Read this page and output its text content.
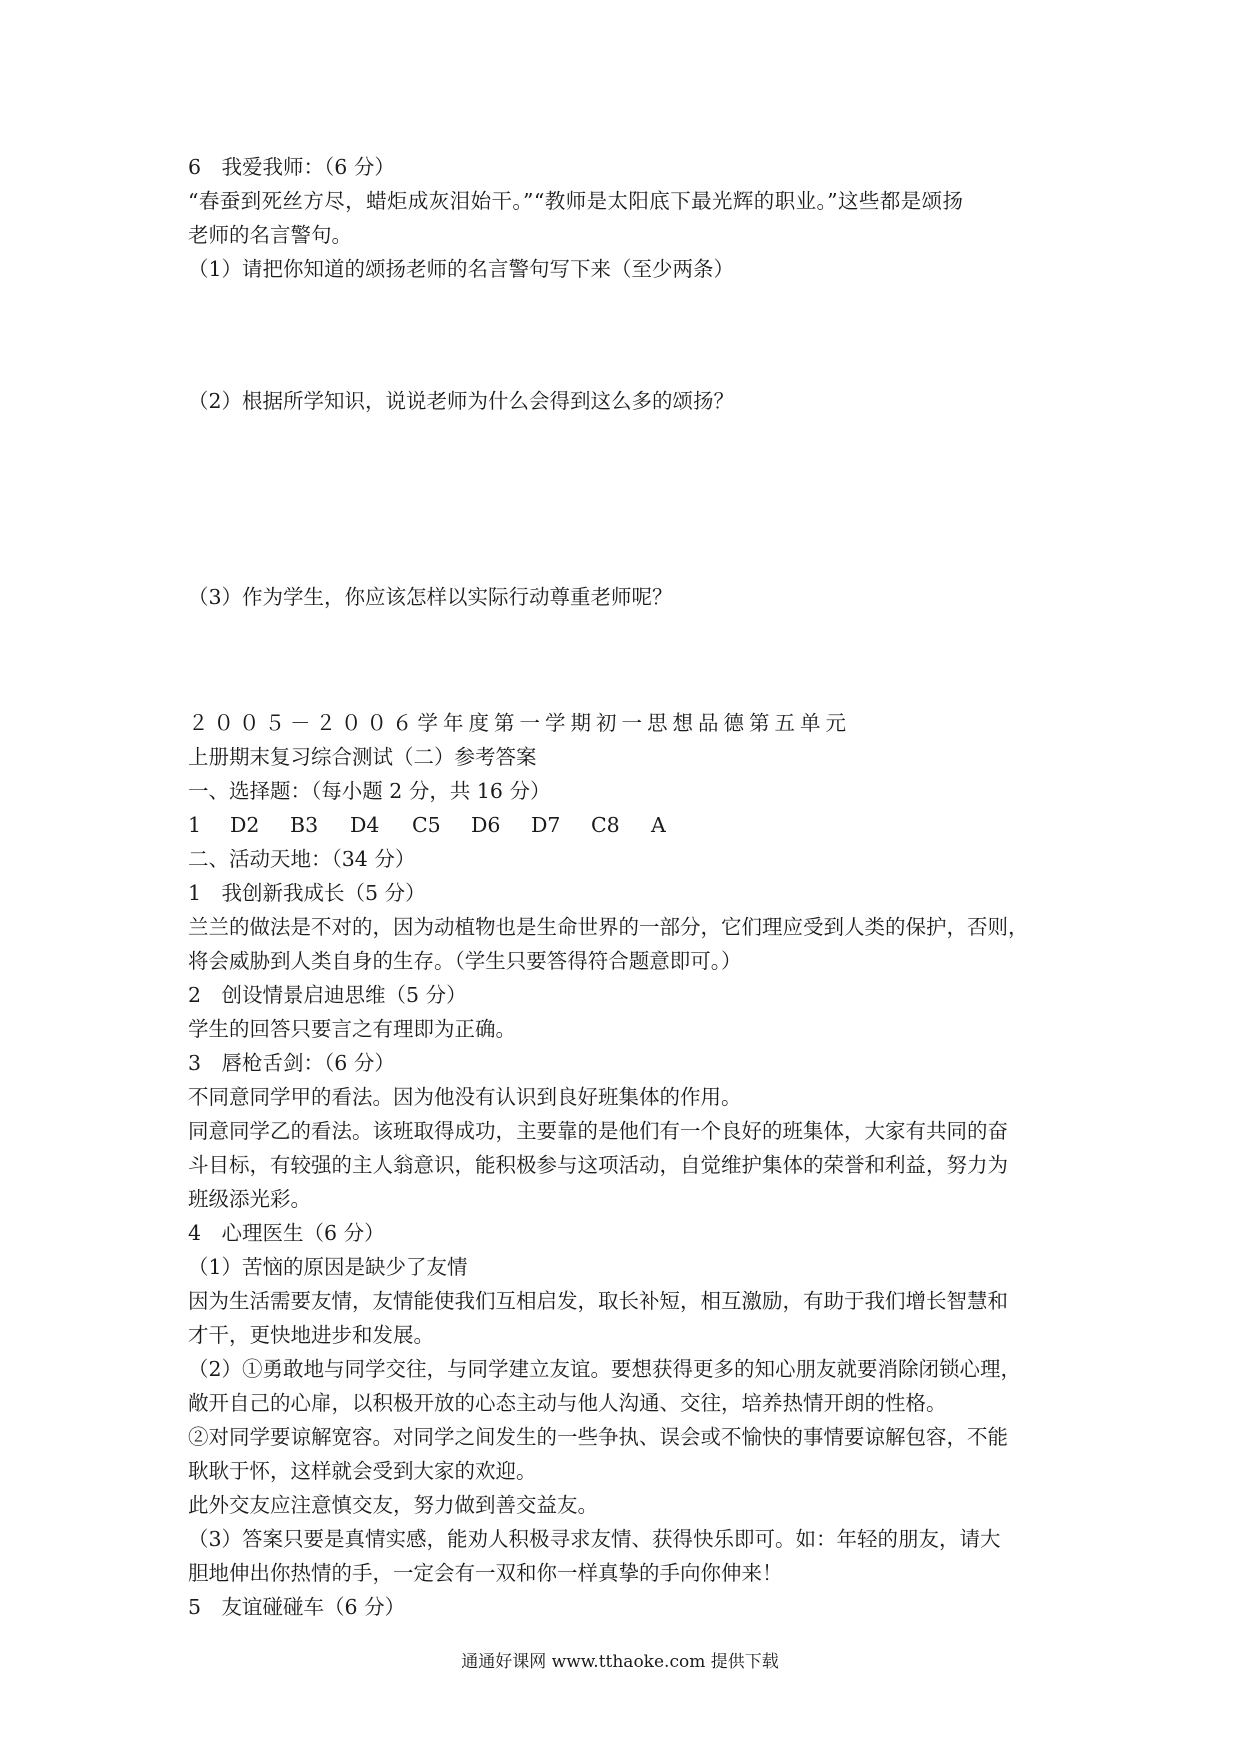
6　我爱我师：（6 分）
“春蚕到死丝方尽，蜡炬成灰泪始干。”“教师是太阳底下最光辉的职业。”这些都是颂扬
老师的名言警句。
（1）请把你知道的颂扬老师的名言警句写下来（至少两条）
（2）根据所学知识，说说老师为什么会得到这么多的颂扬？
（3）作为学生，你应该怎样以实际行动尊重老师呢？
２００５－２００６学年度第一学期初一思想品德第五单元
上册期末复习综合测试（二）参考答案
一、选择题：（每小题 2 分，共 16 分）
1 D2 B3 D4 C5 D6 D7 C8 A
二、活动天地：（34 分）
1　我创新我成长（5 分）
兰兰的做法是不对的，因为动植物也是生命世界的一部分，它们理应受到人类的保护，否则，
将会威胁到人类自身的生存。（学生只要答得符合题意即可。）
2　创设情景启迪思维（5 分）
学生的回答只要言之有理即为正确。
3　唇枪舌剑：（6 分）
不同意同学甲的看法。因为他没有认识到良好班集体的作用。
同意同学乙的看法。该班取得成功，主要靠的是他们有一个良好的班集体，大家有共同的奋
斗目标，有较强的主人翁意识，能积极参与这项活动，自觉维护集体的荣誉和利益，努力为
班级添光彩。
4　心理医生（6 分）
（1）苦恼的原因是缺少了友情
因为生活需要友情，友情能使我们互相启发，取长补短，相互激励，有助于我们增长智慧和
才干，更快地进步和发展。
（2）①勇敢地与同学交往，与同学建立友谊。要想获得更多的知心朋友就要消除闭锁心理，
敞开自己的心扉，以积极开放的心态主动与他人沟通、交往，培养热情开朗的性格。
②对同学要谅解宽容。对同学之间发生的一些争执、误会或不愉快的事情要谅解包容，不能
耿耿于怀，这样就会受到大家的欢迎。
此外交友应注意慎交友，努力做到善交益友。
（3）答案只要是真情实感，能劝人积极寻求友情、获得快乐即可。如：年轻的朋友，请大
胆地伸出你热情的手，一定会有一双和你一样真挚的手向你伸来！
5　友谊碰碰车（6 分）
通通好课网 www.tthaoke.com 提供下载
